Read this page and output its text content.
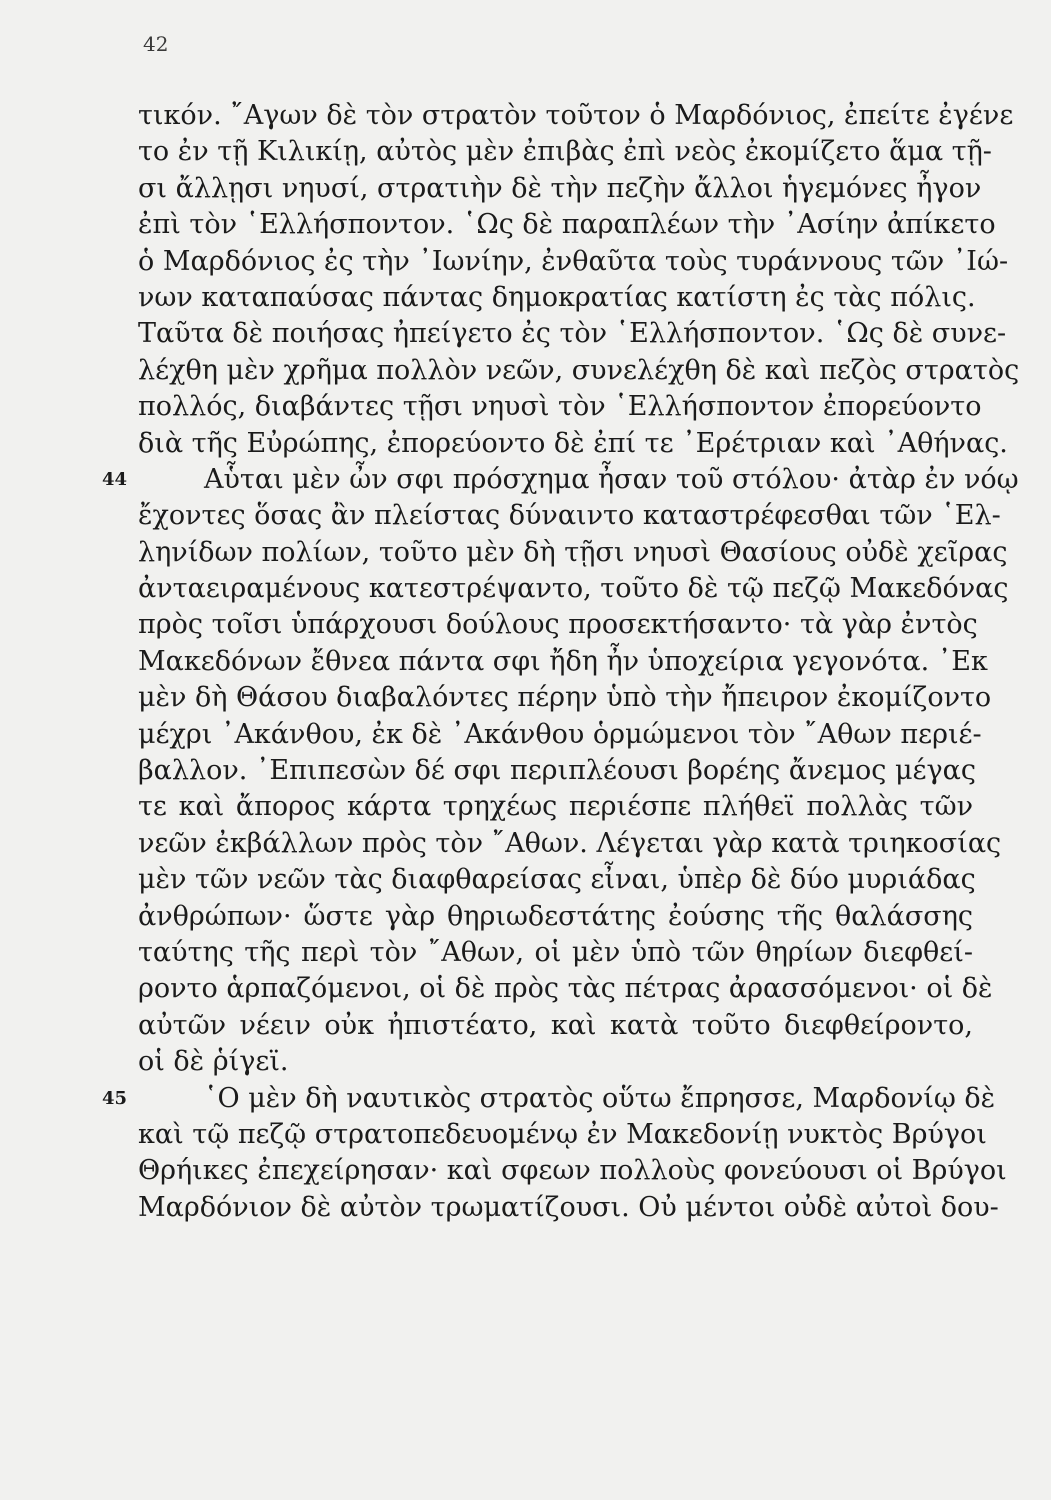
42
τικόν. ῎Αγων δὲ τὸν στρατὸν τοῦτον ὁ Μαρδόνιος, ἐπείτε ἐγένε
το ἐν τῇ Κιλικίῃ, αὐτὸς μὲν ἐπιβὰς ἐπὶ νεὸς ἐκομίζετο ἅμα τῇ-
σι ἄλλῃσι νηυσί, στρατιὴν δὲ τὴν πεζὴν ἄλλοι ἡγεμόνες ἦγον
ἐπὶ τὸν ῾Ελλήσποντον. ῾Ως δὲ παραπλέων τὴν ᾿Ασίην ἀπίκετο
ὁ Μαρδόνιος ἐς τὴν ᾿Ιωνίην, ἐνθαῦτα τοὺς τυράννους τῶν ᾿Ιώ-
νων καταπαύσας πάντας δημοκρατίας κατίστη ἐς τὰς πόλις.
Ταῦτα δὲ ποιήσας ἠπείγετο ἐς τὸν ῾Ελλήσποντον. ῾Ως δὲ συνε-
λέχθη μὲν χρῆμα πολλὸν νεῶν, συνελέχθη δὲ καὶ πεζὸς στρατὸς
πολλός, διαβάντες τῇσι νηυσὶ τὸν ῾Ελλήσποντον ἐπορεύοντο
διὰ τῆς Εὐρώπης, ἐπορεύοντο δὲ ἐπί τε ᾿Ερέτριαν καὶ ᾿Αθήνας.
44	Αὗται μὲν ὦν σφι πρόσχημα ἦσαν τοῦ στόλου· ἀτὰρ ἐν νόῳ
ἔχοντες ὅσας ἂν πλείστας δύναιντο καταστρέφεσθαι τῶν ῾Ελ-
ληνίδων πολίων, τοῦτο μὲν δὴ τῇσι νηυσὶ Θασίους οὐδὲ χεῖρας
ἀνταειραμένους κατεστρέψαντο, τοῦτο δὲ τῷ πεζῷ Μακεδόνας
πρὸς τοῖσι ὑπάρχουσι δούλους προσεκτήσαντο· τὰ γὰρ ἐντὸς
Μακεδόνων ἔθνεα πάντα σφι ἤδη ἦν ὑποχείρια γεγονότα. ᾿Εκ
μὲν δὴ Θάσου διαβαλόντες πέρην ὑπὸ τὴν ἤπειρον ἐκομίζοντο
μέχρι ᾿Ακάνθου, ἐκ δὲ ᾿Ακάνθου ὁρμώμενοι τὸν ῎Αθων περιέ-
βαλλον. ᾿Επιπεσὼν δέ σφι περιπλέουσι βορέης ἄνεμος μέγας
τε καὶ ἄπορος κάρτα τρηχέως περιέσπε πλήθεϊ πολλὰς τῶν
νεῶν ἐκβάλλων πρὸς τὸν ῎Αθων. Λέγεται γὰρ κατὰ τριηκοσίας
μὲν τῶν νεῶν τὰς διαφθαρείσας εἶναι, ὑπὲρ δὲ δύο μυριάδας
ἀνθρώπων· ὥστε γὰρ θηριωδεστάτης ἐούσης τῆς θαλάσσης
ταύτης τῆς περὶ τὸν ῎Αθων, οἱ μὲν ὑπὸ τῶν θηρίων διεφθεί-
ροντο ἁρπαζόμενοι, οἱ δὲ πρὸς τὰς πέτρας ἀρασσόμενοι· οἱ δὲ
αὐτῶν νέειν οὐκ ἠπιστέατο, καὶ κατὰ τοῦτο διεφθείροντο,
οἱ δὲ ῥίγεϊ.
45	῾Ο μὲν δὴ ναυτικὸς στρατὸς οὕτω ἔπρησσε, Μαρδονίῳ δὲ
καὶ τῷ πεζῷ στρατοπεδευομένῳ ἐν Μακεδονίῃ νυκτὸς Βρύγοι
Θρήικες ἐπεχείρησαν· καὶ σφεων πολλοὺς φονεύουσι οἱ Βρύγοι
Μαρδόνιον δὲ αὐτὸν τρωματίζουσι. Οὐ μέντοι οὐδὲ αὐτοὶ δου-
